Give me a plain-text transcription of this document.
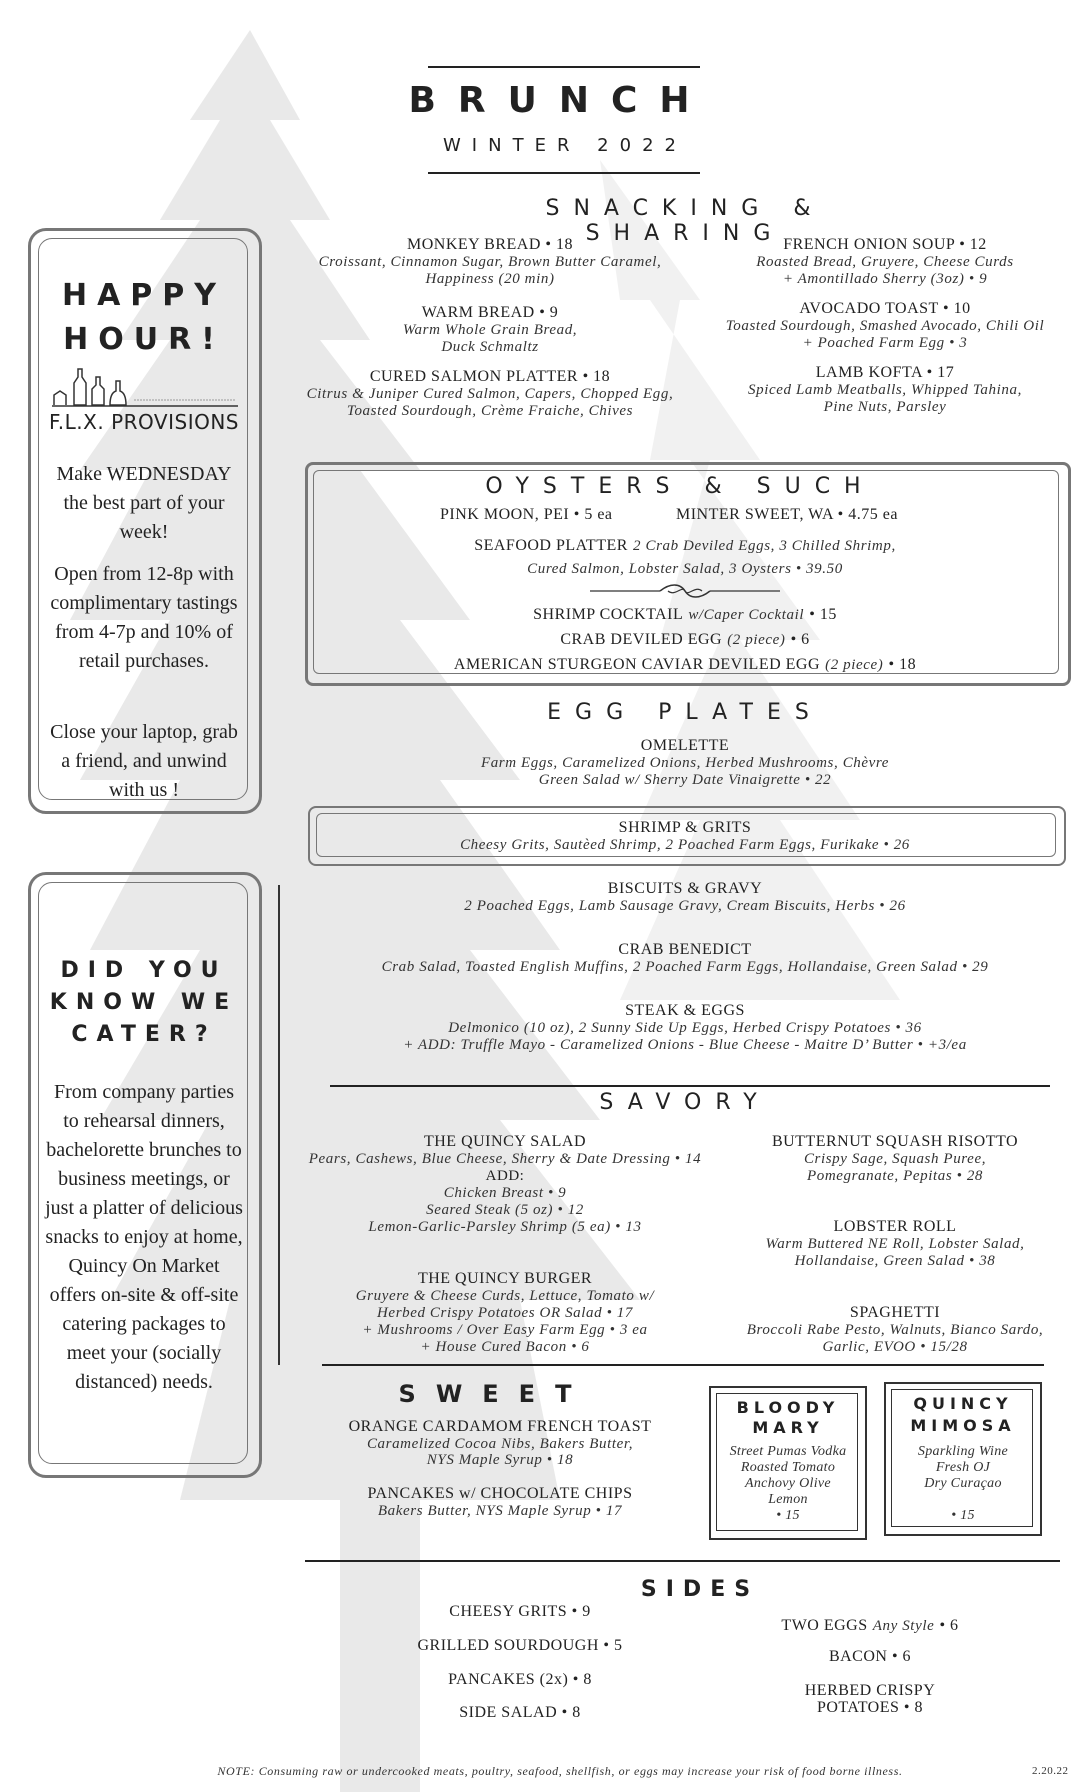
BRUNCH
WINTER 2022
HAPPY
HOUR!
F.L.X. PROVISIONS
Make WEDNESDAY the best part of your week!
Open from 12-8p with complimentary tastings from 4-7p and 10% of retail purchases.
Close your laptop, grab a friend, and unwind with us !
DID YOU
KNOW WE
CATER?
From company parties to rehearsal dinners, bachelorette brunches to business meetings, or just a platter of delicious snacks to enjoy at home, Quincy On Market offers on-site & off-site catering packages to meet your (socially distanced) needs.
SNACKING & SHARING
MONKEY BREAD • 18
Croissant, Cinnamon Sugar, Brown Butter Caramel,
Happiness (20 min)
WARM BREAD • 9
Warm Whole Grain Bread,
Duck Schmaltz
CURED SALMON PLATTER • 18
Citrus & Juniper Cured Salmon, Capers, Chopped Egg,
Toasted Sourdough, Crème Fraiche, Chives
FRENCH ONION SOUP • 12
Roasted Bread, Gruyere, Cheese Curds
+ Amontillado Sherry (3oz) • 9
AVOCADO TOAST • 10
Toasted Sourdough, Smashed Avocado, Chili Oil
+ Poached Farm Egg • 3
LAMB KOFTA • 17
Spiced Lamb Meatballs, Whipped Tahina,
Pine Nuts, Parsley
OYSTERS & SUCH
PINK MOON, PEI • 5 ea	MINTER SWEET, WA • 4.75 ea
SEAFOOD PLATTER 2 Crab Deviled Eggs, 3 Chilled Shrimp,
Cured Salmon, Lobster Salad, 3 Oysters • 39.50
SHRIMP COCKTAIL w/Caper Cocktail • 15
CRAB DEVILED EGG (2 piece) • 6
AMERICAN STURGEON CAVIAR DEVILED EGG (2 piece) • 18
EGG PLATES
OMELETTE
Farm Eggs, Caramelized Onions, Herbed Mushrooms, Chèvre
Green Salad w/ Sherry Date Vinaigrette • 22
SHRIMP & GRITS
Cheesy Grits, Sautèed Shrimp, 2 Poached Farm Eggs, Furikake • 26
BISCUITS & GRAVY
2 Poached Eggs, Lamb Sausage Gravy, Cream Biscuits, Herbs • 26
CRAB BENEDICT
Crab Salad, Toasted English Muffins, 2 Poached Farm Eggs, Hollandaise, Green Salad • 29
STEAK & EGGS
Delmonico (10 oz), 2 Sunny Side Up Eggs, Herbed Crispy Potatoes • 36
+ ADD: Truffle Mayo - Caramelized Onions - Blue Cheese - Maitre D’ Butter • +3/ea
SAVORY
THE QUINCY SALAD
Pears, Cashews, Blue Cheese, Sherry & Date Dressing • 14
ADD:
Chicken Breast • 9
Seared Steak (5 oz) • 12
Lemon-Garlic-Parsley Shrimp (5 ea) • 13
THE QUINCY BURGER
Gruyere & Cheese Curds, Lettuce, Tomato w/
Herbed Crispy Potatoes OR Salad • 17
+ Mushrooms / Over Easy Farm Egg • 3 ea
+ House Cured Bacon • 6
BUTTERNUT SQUASH RISOTTO
Crispy Sage, Squash Puree,
Pomegranate, Pepitas • 28
LOBSTER ROLL
Warm Buttered NE Roll, Lobster Salad,
Hollandaise, Green Salad • 38
SPAGHETTI
Broccoli Rabe Pesto, Walnuts, Bianco Sardo,
Garlic, EVOO • 15/28
SWEET
ORANGE CARDAMOM FRENCH TOAST
Caramelized Cocoa Nibs, Bakers Butter,
NYS Maple Syrup • 18
PANCAKES w/ CHOCOLATE CHIPS
Bakers Butter, NYS Maple Syrup • 17
BLOODY
MARY
Street Pumas Vodka
Roasted Tomato
Anchovy Olive
Lemon
• 15
QUINCY
MIMOSA
Sparkling Wine
Fresh OJ
Dry Curaçao
• 15
SIDES
CHEESY GRITS • 9
GRILLED SOURDOUGH • 5
PANCAKES (2x) • 8
SIDE SALAD • 8
TWO EGGS Any Style • 6
BACON • 6
HERBED CRISPY
POTATOES • 8
NOTE: Consuming raw or undercooked meats, poultry, seafood, shellfish, or eggs may increase your risk of food borne illness.	2.20.22
